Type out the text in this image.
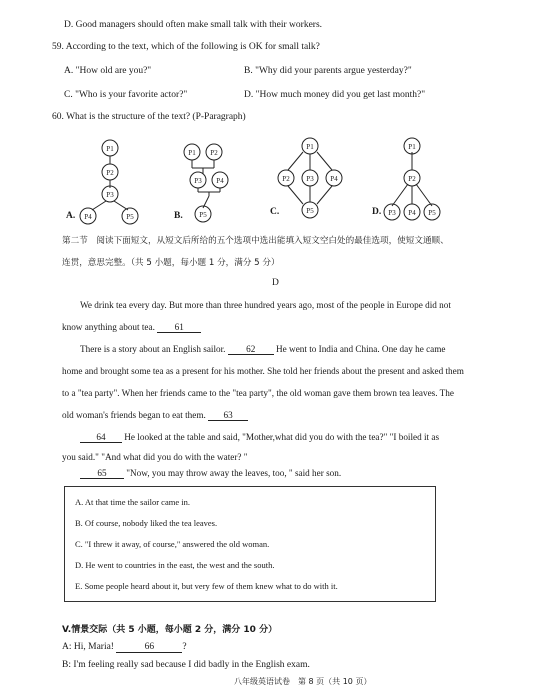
D. Good managers should often make small talk with their workers.
59. According to the text, which of the following is OK for small talk?
A. "How old are you?"	B. "Why did your parents argue yesterday?"
C. "Who is your favorite actor?"	D. "How much money did you get last month?"
60. What is the structure of the text? (P-Paragraph)
P1
P2
P3
P4	P5
P1 P2
P3 P4
P5
P1
P2 P3 P4
P5
P1
P2
P3 P4 P5
A.	B.	C.	D.
第二节　阅读下面短文，从短文后所给的五个选项中选出能填入短文空白处的最佳选项，使短文通顺、
连贯，意思完整。（共 5 小题，每小题 1 分，满分 5 分）
D
We drink tea every day. But more than three hundred years ago, most of the people in Europe did not
know anything about tea. 61
There is a story about an English sailor. 62 He went to India and China. One day he came
home and brought some tea as a present for his mother. She told her friends about the present and asked them
to a "tea party". When her friends came to the "tea party", the old woman gave them brown tea leaves. The
old woman's friends began to eat them. 63
64 He looked at the table and said, "Mother,what did you do with the tea?" "I boiled it as
you said." "And what did you do with the water? "
65 "Now, you may throw away the leaves, too, " said her son.
A. At that time the sailor came in.
B. Of course, nobody liked the tea leaves.
C. "I threw it away, of course," answered the old woman.
D. He went to countries in the east, the west and the south.
E. Some people heard about it, but very few of them knew what to do with it.
V.情景交际（共 5 小题，每小题 2 分，满分 10 分）
A: Hi, Maria!	66	?
B: I'm feeling really sad because I did badly in the English exam.
八年级英语试卷　第 8 页（共 10 页）
